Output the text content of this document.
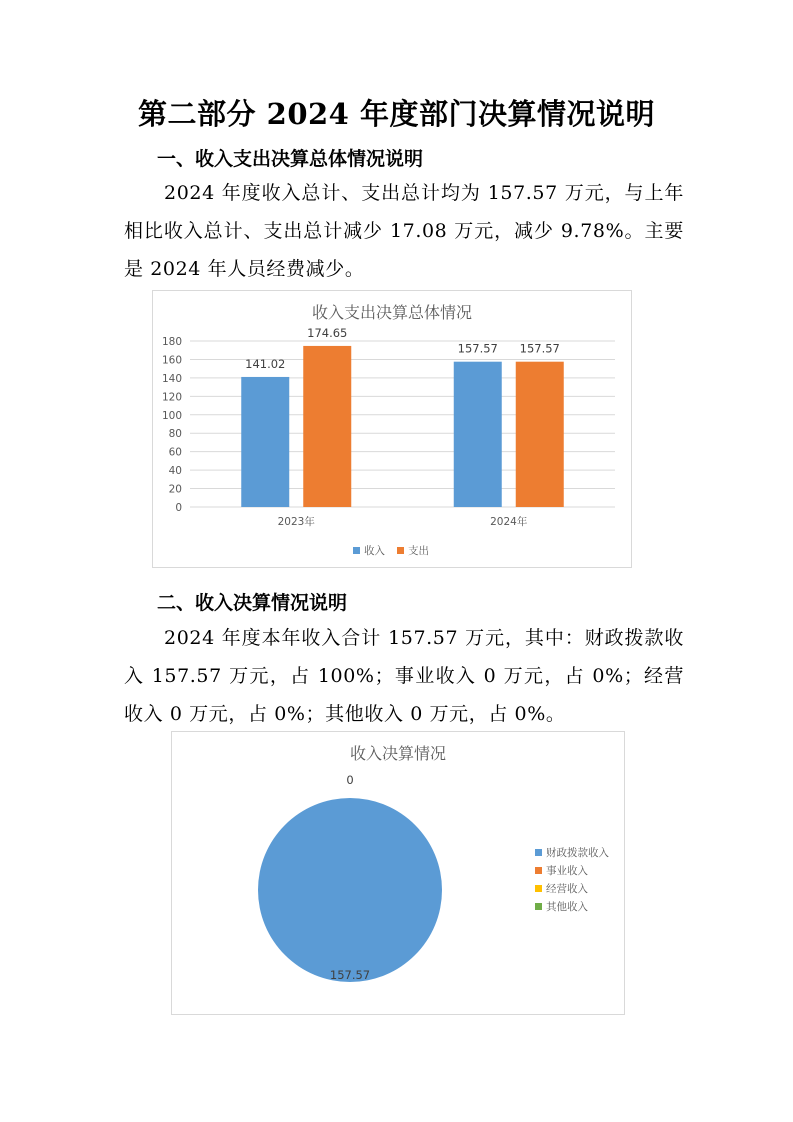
第二部分 2024 年度部门决算情况说明
一、收入支出决算总体情况说明
2024 年度收入总计、支出总计均为 157.57 万元，与上年相比收入总计、支出总计减少 17.08 万元，减少 9.78%。主要是 2024 年人员经费减少。
收入支出决算总体情况
0
20
40
60
80
100
120
140
160
180
141.02
174.65
157.57 157.57
2023年	2024年
收入 支出
二、收入决算情况说明
2024 年度本年收入合计 157.57 万元，其中：财政拨款收入 157.57 万元，占 100%；事业收入 0 万元，占 0%；经营收入 0 万元，占 0%；其他收入 0 万元，占 0%。
收入决算情况
0
157.57
财政拨款收入
事业收入
经营收入
其他收入
